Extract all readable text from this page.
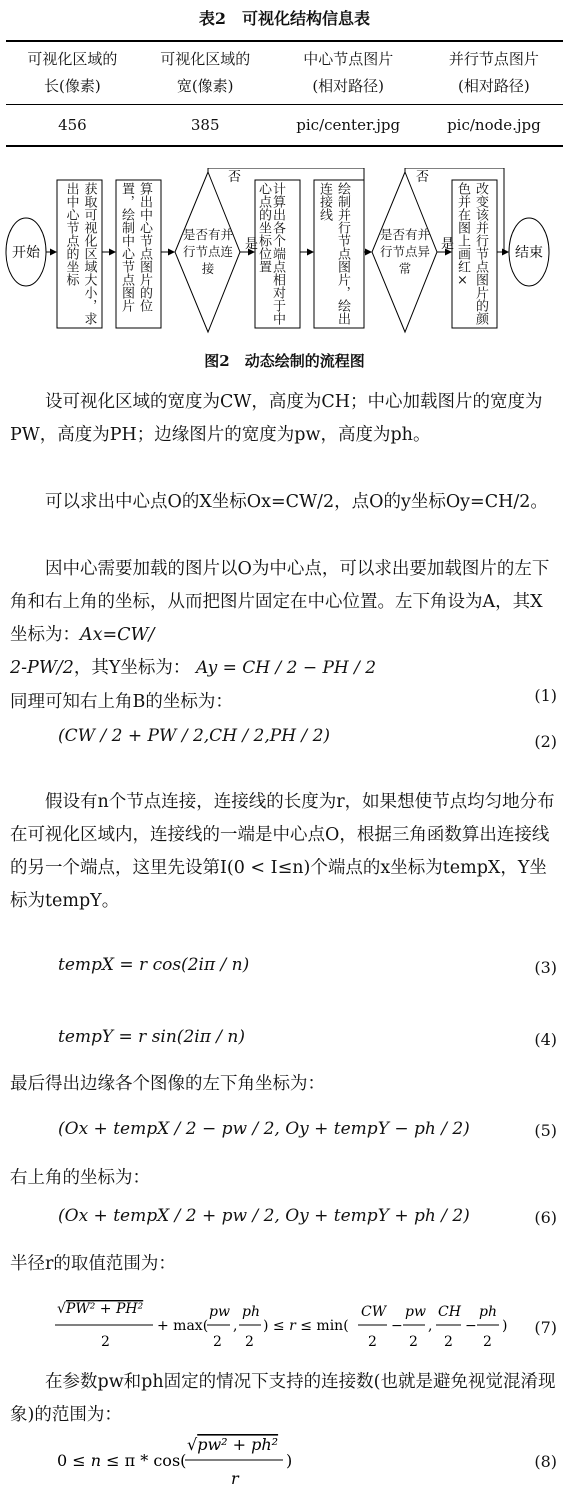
表2　可视化结构信息表
可视化区域的	可视化区域的	中心节点图片	并行节点图片
长(像素)	宽(像素)	(相对路径)	(相对路径)
456	385	pic/center.jpg	pic/node.jpg
开始	结束
否
是
否
是
获取可视化区域大小，求出中心节点的坐标	算出中心节点图片的位置，绘制中心节点图片	是否有并行节点连接	计算出各个端点相对于中心点的坐标位置	绘制并行节点图片，绘出连接线
是否有并行节点异常	改变该并行节点图片的颜色并在图上画红×
图2　动态绘制的流程图
设可视化区域的宽度为CW，高度为CH；中心加载图片的宽度为PW，高度为PH；边缘图片的宽度为pw，高度为ph。
可以求出中心点O的X坐标Ox=CW/2，点O的y坐标Oy=CH/2。
因中心需要加载的图片以O为中心点，可以求出要加载图片的左下角和右上角的坐标，从而把图片固定在中心位置。左下角设为A，其X坐标为：Ax=CW/
2-PW/2，其Y坐标为： Ay = CH / 2 − PH / 2
(1)
同理可知右上角B的坐标为：
(CW / 2 + PW / 2,CH / 2,PH / 2)	(2)
假设有n个节点连接，连接线的长度为r，如果想使节点均匀地分布在可视化区域内，连接线的一端是中心点O，根据三角函数算出连接线的另一个端点，这里先设第I(0 < I≤n)个端点的x坐标为tempX，Y坐标为tempY。
tempX = r cos(2iπ / n)	(3)
tempY = r sin(2iπ / n)	(4)
最后得出边缘各个图像的左下角坐标为：
(Ox + tempX / 2 − pw / 2, Oy + tempY − ph / 2)	(5)
右上角的坐标为：
(Ox + tempX / 2 + pw / 2, Oy + tempY + ph / 2)	(6)
半径r的取值范围为：
√PW² + PH²
2
+ max(
pw
2
,
ph
2
) ≤ r ≤ min(
CW
2
−
pw
2
,
CH
2
−
ph
2
) (7)
在参数pw和ph固定的情况下支持的连接数(也就是避免视觉混淆现象)的范围为：
0 ≤ n ≤ π * cos(
√pw² + ph²
r
)	(8)
